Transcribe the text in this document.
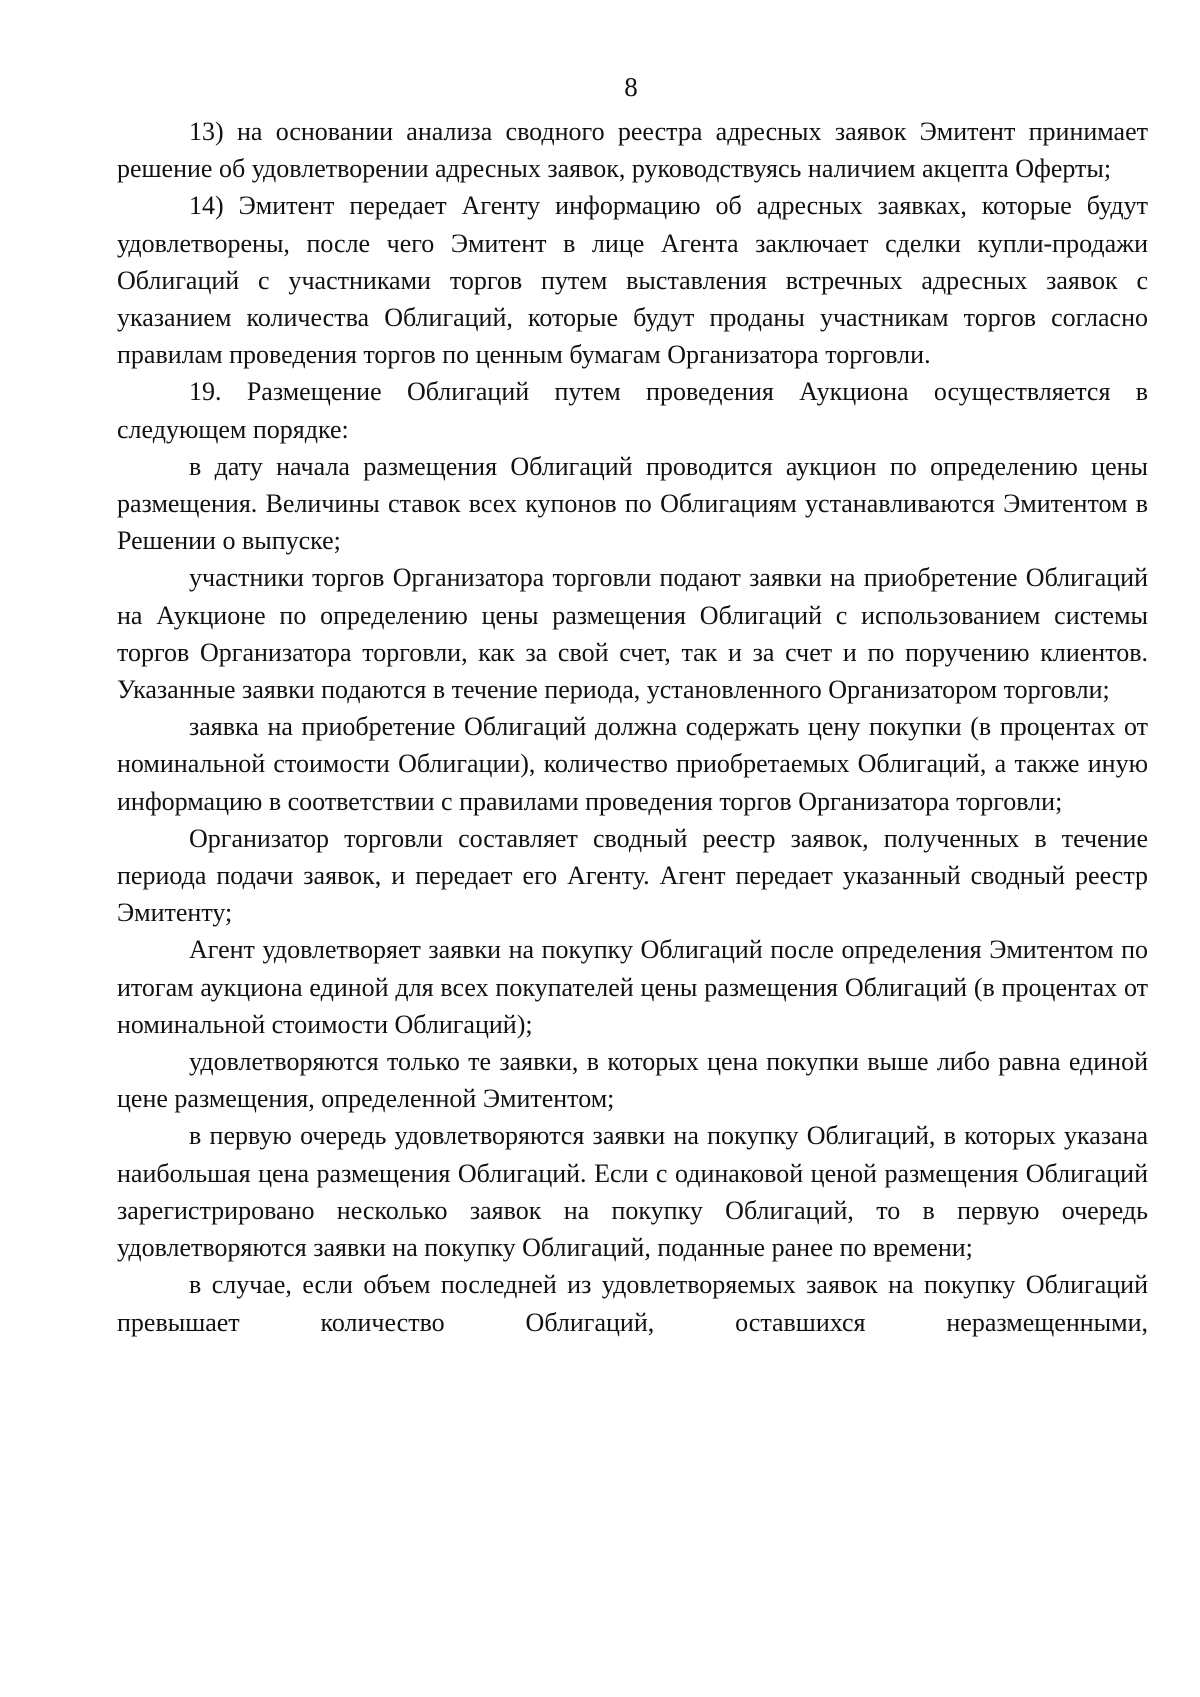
8

13) на основании анализа сводного реестра адресных заявок Эмитент принимает решение об удовлетворении адресных заявок, руководствуясь наличием акцепта Оферты;

14) Эмитент передает Агенту информацию об адресных заявках, которые будут удовлетворены, после чего Эмитент в лице Агента заключает сделки купли-продажи Облигаций с участниками торгов путем выставления встречных адресных заявок с указанием количества Облигаций, которые будут проданы участникам торгов согласно правилам проведения торгов по ценным бумагам Организатора торговли.

19. Размещение Облигаций путем проведения Аукциона осуществляется в следующем порядке:

в дату начала размещения Облигаций проводится аукцион по определению цены размещения. Величины ставок всех купонов по Облигациям устанавливаются Эмитентом в Решении о выпуске;

участники торгов Организатора торговли подают заявки на приобретение Облигаций на Аукционе по определению цены размещения Облигаций с использованием системы торгов Организатора торговли, как за свой счет, так и за счет и по поручению клиентов. Указанные заявки подаются в течение периода, установленного Организатором торговли;

заявка на приобретение Облигаций должна содержать цену покупки (в процентах от номинальной стоимости Облигации), количество приобретаемых Облигаций, а также иную информацию в соответствии с правилами проведения торгов Организатора торговли;

Организатор торговли составляет сводный реестр заявок, полученных в течение периода подачи заявок, и передает его Агенту. Агент передает указанный сводный реестр Эмитенту;

Агент удовлетворяет заявки на покупку Облигаций после определения Эмитентом по итогам аукциона единой для всех покупателей цены размещения Облигаций (в процентах от номинальной стоимости Облигаций);

удовлетворяются только те заявки, в которых цена покупки выше либо равна единой цене размещения, определенной Эмитентом;

в первую очередь удовлетворяются заявки на покупку Облигаций, в которых указана наибольшая цена размещения Облигаций. Если с одинаковой ценой размещения Облигаций зарегистрировано несколько заявок на покупку Облигаций, то в первую очередь удовлетворяются заявки на покупку Облигаций, поданные ранее по времени;

в случае, если объем последней из удовлетворяемых заявок на покупку Облигаций превышает количество Облигаций, оставшихся неразмещенными,
